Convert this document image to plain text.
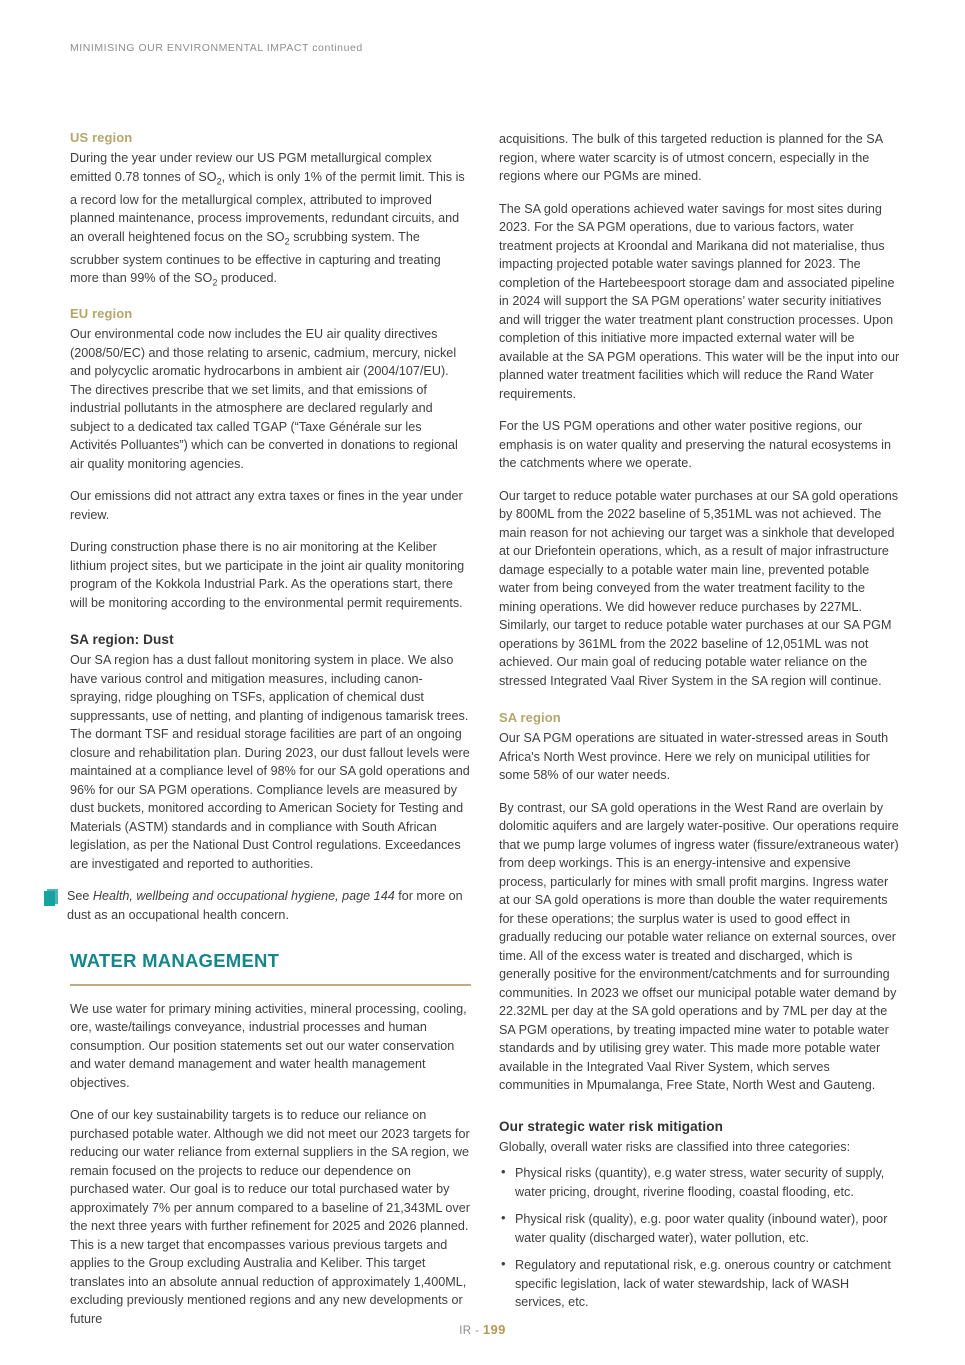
MINIMISING OUR ENVIRONMENTAL IMPACT continued
US region

During the year under review our US PGM metallurgical complex emitted 0.78 tonnes of $SO_2$, which is only 1% of the permit limit. This is a record low for the metallurgical complex, attributed to improved planned maintenance, process improvements, redundant circuits, and an overall heightened focus on the $SO_2$ scrubbing system. The scrubber system continues to be effective in capturing and treating more than 99% of the $SO_2$ produced.

EU region

Our environmental code now includes the EU air quality directives (2008/50/EC) and those relating to arsenic, cadmium, mercury, nickel and polycyclic aromatic hydrocarbons in ambient air (2004/107/EU). The directives prescribe that we set limits, and that emissions of industrial pollutants in the atmosphere are declared regularly and subject to a dedicated tax called TGAP (“Taxe Générale sur les Activités Polluantes”) which can be converted in donations to regional air quality monitoring agencies.

Our emissions did not attract any extra taxes or fines in the year under review.

During construction phase there is no air monitoring at the Keliber lithium project sites, but we participate in the joint air quality monitoring program of the Kokkola Industrial Park. As the operations start, there will be monitoring according to the environmental permit requirements.

SA region: Dust

Our SA region has a dust fallout monitoring system in place. We also have various control and mitigation measures, including canon-spraying, ridge ploughing on TSFs, application of chemical dust suppressants, use of netting, and planting of indigenous tamarisk trees. The dormant TSF and residual storage facilities are part of an ongoing closure and rehabilitation plan. During 2023, our dust fallout levels were maintained at a compliance level of 98% for our SA gold operations and 96% for our SA PGM operations. Compliance levels are measured by dust buckets, monitored according to American Society for Testing and Materials (ASTM) standards and in compliance with South African legislation, as per the National Dust Control regulations. Exceedances are investigated and reported to authorities.

See Health, wellbeing and occupational hygiene, page 144 for more on dust as an occupational health concern.
WATER MANAGEMENT

We use water for primary mining activities, mineral processing, cooling, ore, waste/tailings conveyance, industrial processes and human consumption. Our position statements set out our water conservation and water demand management and water health management objectives.

One of our key sustainability targets is to reduce our reliance on purchased potable water. Although we did not meet our 2023 targets for reducing our water reliance from external suppliers in the SA region, we remain focused on the projects to reduce our dependence on purchased water. Our goal is to reduce our total purchased water by approximately 7% per annum compared to a baseline of 21,343ML over the next three years with further refinement for 2025 and 2026 planned. This is a new target that encompasses various previous targets and applies to the Group excluding Australia and Keliber. This target translates into an absolute annual reduction of approximately 1,400ML, excluding previously mentioned regions and any new developments or future

acquisitions. The bulk of this targeted reduction is planned for the SA region, where water scarcity is of utmost concern, especially in the regions where our PGMs are mined.

The SA gold operations achieved water savings for most sites during 2023. For the SA PGM operations, due to various factors, water treatment projects at Kroondal and Marikana did not materialise, thus impacting projected potable water savings planned for 2023. The completion of the Hartebeespoort storage dam and associated pipeline in 2024 will support the SA PGM operations’ water security initiatives and will trigger the water treatment plant construction processes. Upon completion of this initiative more impacted external water will be available at the SA PGM operations. This water will be the input into our planned water treatment facilities which will reduce the Rand Water requirements.

For the US PGM operations and other water positive regions, our emphasis is on water quality and preserving the natural ecosystems in the catchments where we operate.

Our target to reduce potable water purchases at our SA gold operations by 800ML from the 2022 baseline of 5,351ML was not achieved. The main reason for not achieving our target was a sinkhole that developed at our Driefontein operations, which, as a result of major infrastructure damage especially to a potable water main line, prevented potable water from being conveyed from the water treatment facility to the mining operations. We did however reduce purchases by 227ML. Similarly, our target to reduce potable water purchases at our SA PGM operations by 361ML from the 2022 baseline of 12,051ML was not achieved. Our main goal of reducing potable water reliance on the stressed Integrated Vaal River System in the SA region will continue.

SA region

Our SA PGM operations are situated in water-stressed areas in South Africa's North West province. Here we rely on municipal utilities for some 58% of our water needs.

By contrast, our SA gold operations in the West Rand are overlain by dolomitic aquifers and are largely water-positive. Our operations require that we pump large volumes of ingress water (fissure/extraneous water) from deep workings. This is an energy-intensive and expensive process, particularly for mines with small profit margins. Ingress water at our SA gold operations is more than double the water requirements for these operations; the surplus water is used to good effect in gradually reducing our potable water reliance on external sources, over time. All of the excess water is treated and discharged, which is generally positive for the environment/catchments and for surrounding communities. In 2023 we offset our municipal potable water demand by 22.32ML per day at the SA gold operations and by 7ML per day at the SA PGM operations, by treating impacted mine water to potable water standards and by utilising grey water. This made more potable water available in the Integrated Vaal River System, which serves communities in Mpumalanga, Free State, North West and Gauteng.

Our strategic water risk mitigation

Globally, overall water risks are classified into three categories:

• Physical risks (quantity), e.g water stress, water security of supply, water pricing, drought, riverine flooding, coastal flooding, etc.
• Physical risk (quality), e.g. poor water quality (inbound water), poor water quality (discharged water), water pollution, etc.
• Regulatory and reputational risk, e.g. onerous country or catchment specific legislation, lack of water stewardship, lack of WASH services, etc.
IR - 199
